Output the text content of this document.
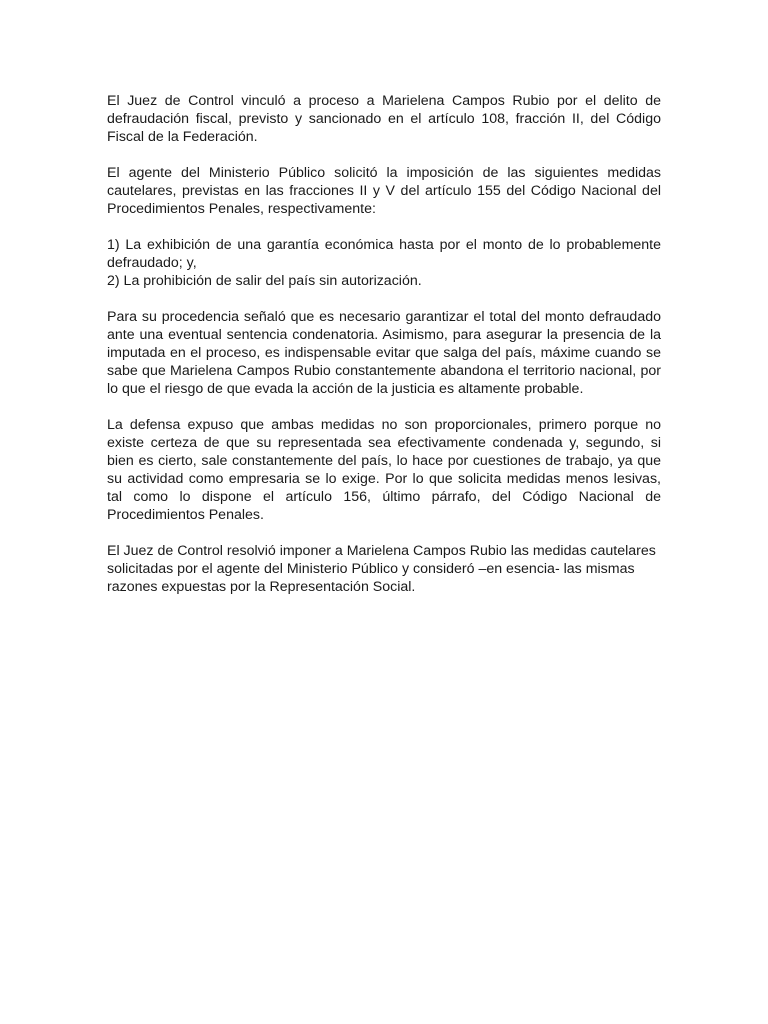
El Juez de Control vinculó a proceso a Marielena Campos Rubio por el delito de defraudación fiscal, previsto y sancionado en el artículo 108, fracción II, del Código Fiscal de la Federación.

El agente del Ministerio Público solicitó la imposición de las siguientes medidas cautelares, previstas en las fracciones II y V del artículo 155 del Código Nacional del Procedimientos Penales, respectivamente:

1) La exhibición de una garantía económica hasta por el monto de lo probablemente defraudado; y,
2) La prohibición de salir del país sin autorización.

Para su procedencia señaló que es necesario garantizar el total del monto defraudado ante una eventual sentencia condenatoria. Asimismo, para asegurar la presencia de la imputada en el proceso, es indispensable evitar que salga del país, máxime cuando se sabe que Marielena Campos Rubio constantemente abandona el territorio nacional, por lo que el riesgo de que evada la acción de la justicia es altamente probable.

La defensa expuso que ambas medidas no son proporcionales, primero porque no existe certeza de que su representada sea efectivamente condenada y, segundo, si bien es cierto, sale constantemente del país, lo hace por cuestiones de trabajo, ya que su actividad como empresaria se lo exige. Por lo que solicita medidas menos lesivas, tal como lo dispone el artículo 156, último párrafo, del Código Nacional de Procedimientos Penales.

El Juez de Control resolvió imponer a Marielena Campos Rubio las medidas cautelares solicitadas por el agente del Ministerio Público y consideró –en esencia- las mismas razones expuestas por la Representación Social.
